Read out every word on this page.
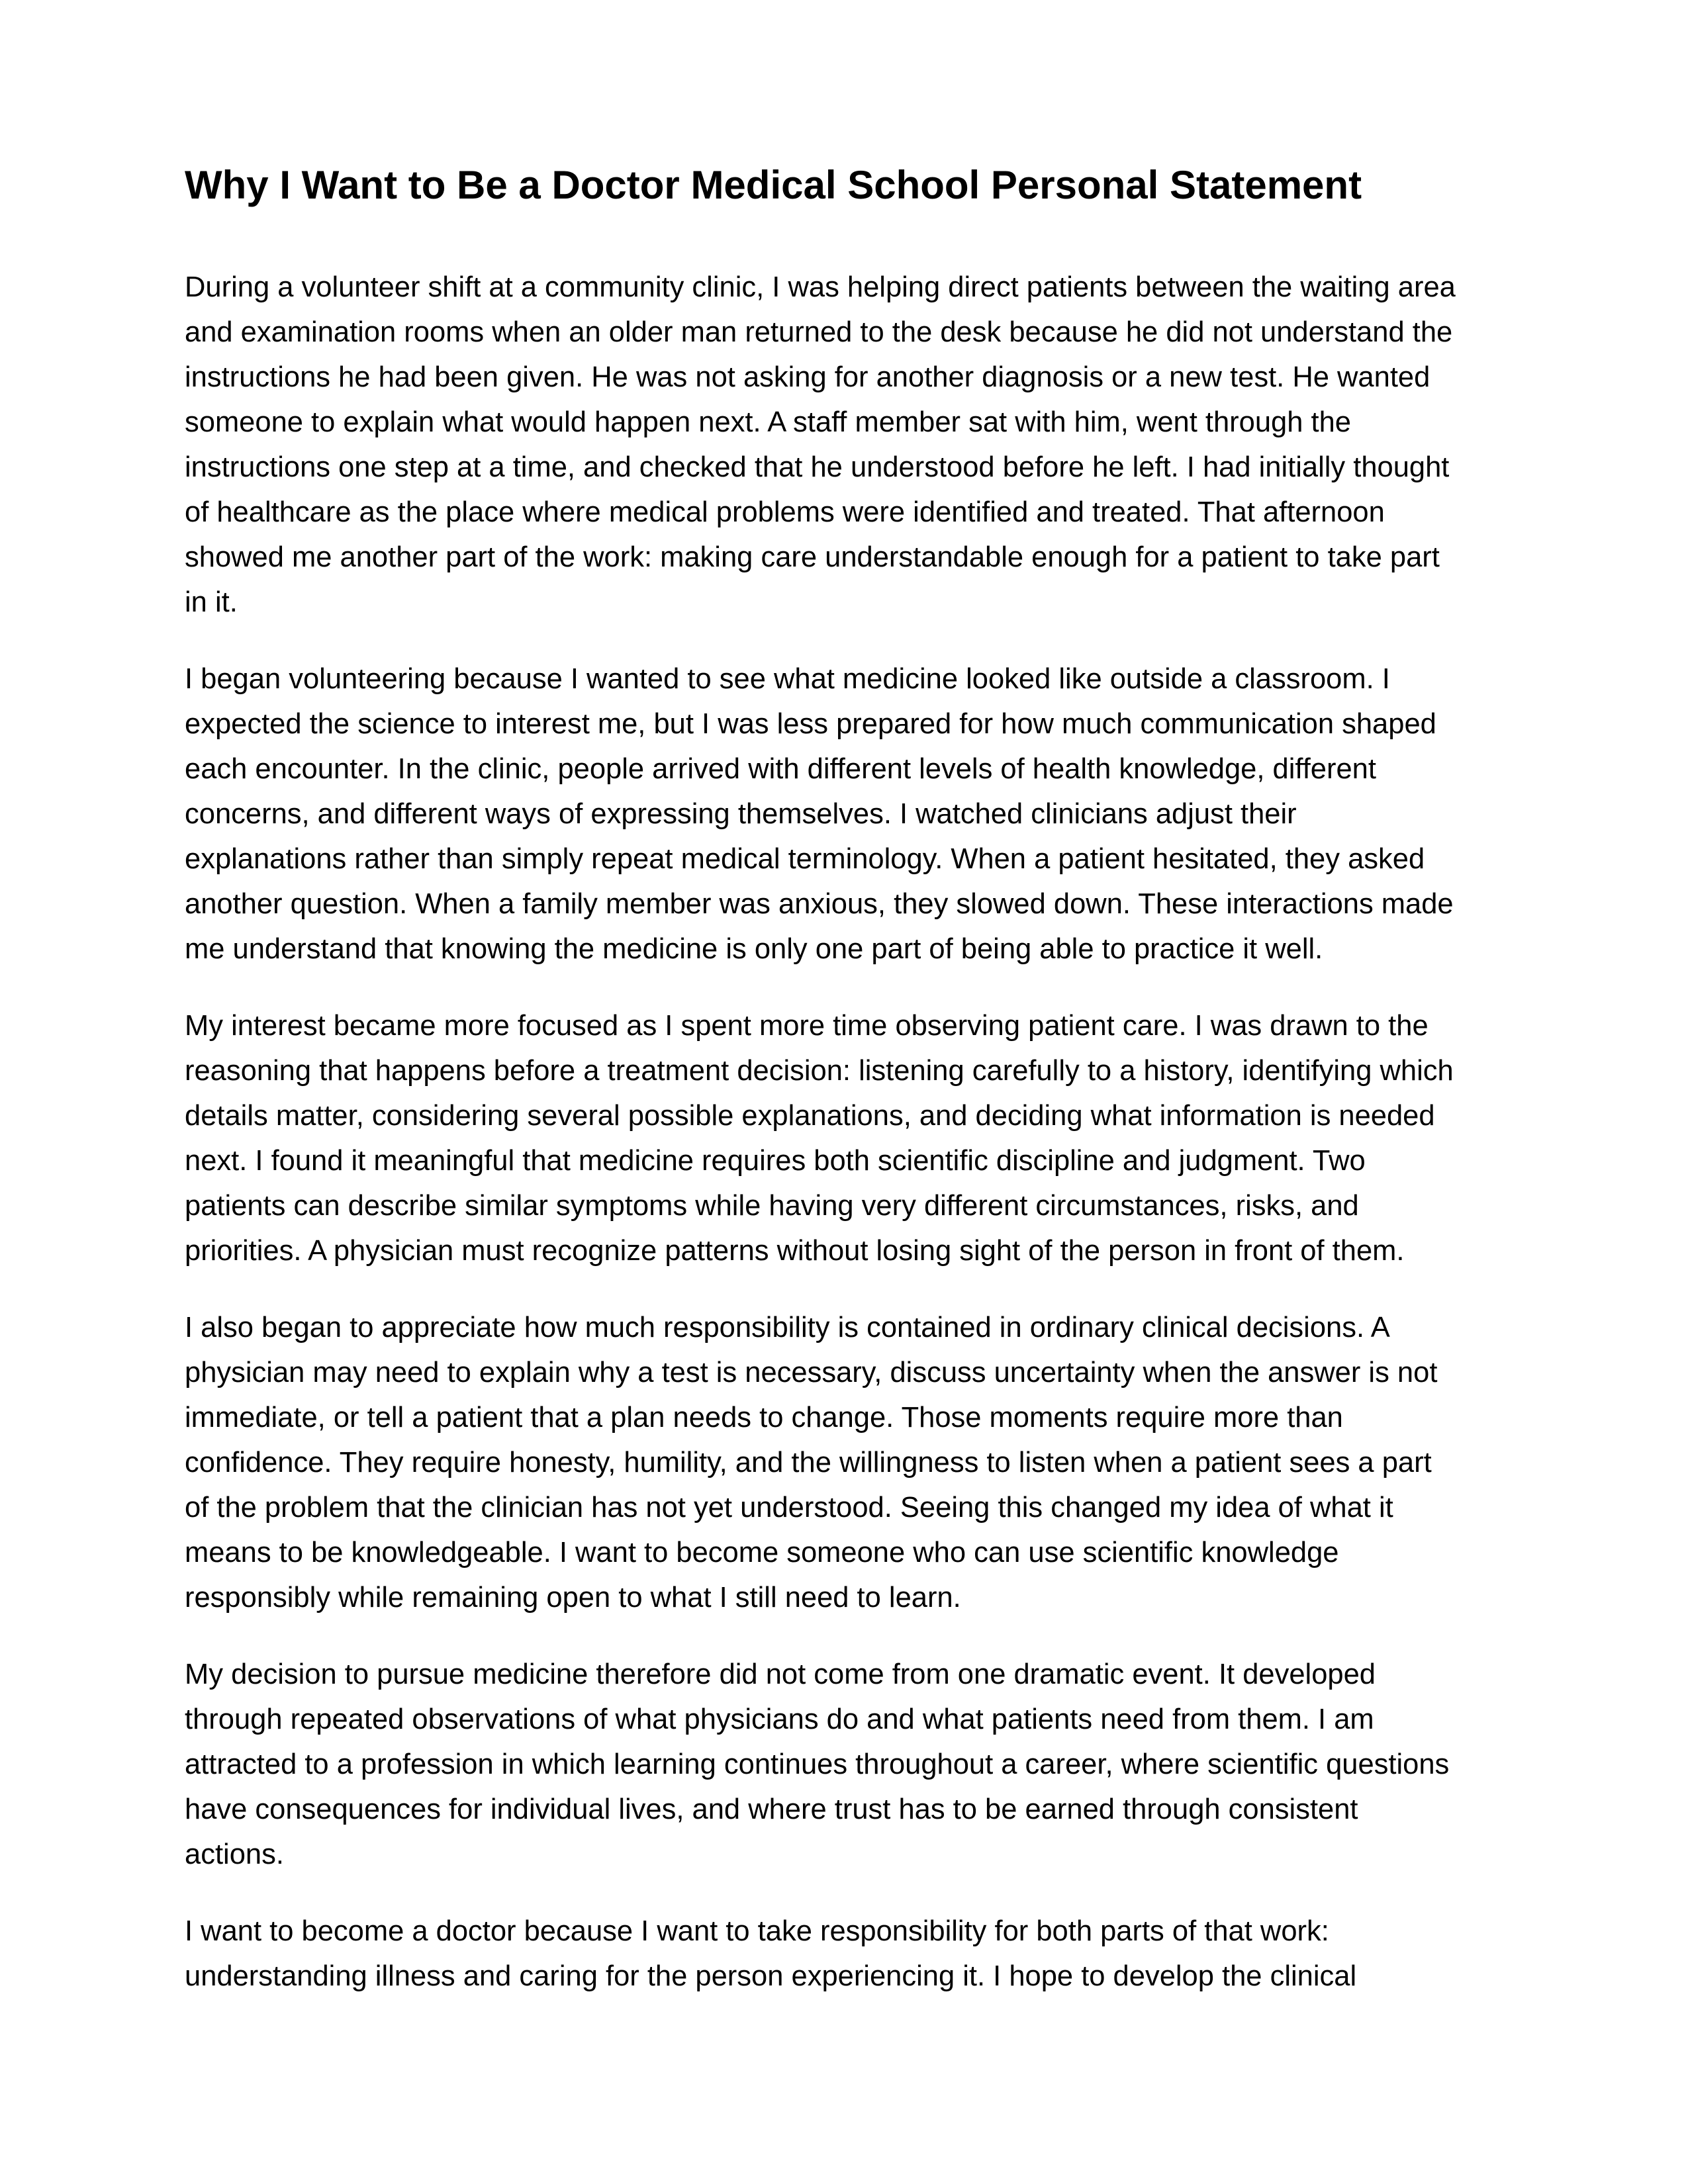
Why I Want to Be a Doctor Medical School Personal Statement

During a volunteer shift at a community clinic, I was helping direct patients between the waiting area
and examination rooms when an older man returned to the desk because he did not understand the
instructions he had been given. He was not asking for another diagnosis or a new test. He wanted
someone to explain what would happen next. A staff member sat with him, went through the
instructions one step at a time, and checked that he understood before he left. I had initially thought
of healthcare as the place where medical problems were identified and treated. That afternoon
showed me another part of the work: making care understandable enough for a patient to take part
in it.

I began volunteering because I wanted to see what medicine looked like outside a classroom. I
expected the science to interest me, but I was less prepared for how much communication shaped
each encounter. In the clinic, people arrived with different levels of health knowledge, different
concerns, and different ways of expressing themselves. I watched clinicians adjust their
explanations rather than simply repeat medical terminology. When a patient hesitated, they asked
another question. When a family member was anxious, they slowed down. These interactions made
me understand that knowing the medicine is only one part of being able to practice it well.

My interest became more focused as I spent more time observing patient care. I was drawn to the
reasoning that happens before a treatment decision: listening carefully to a history, identifying which
details matter, considering several possible explanations, and deciding what information is needed
next. I found it meaningful that medicine requires both scientific discipline and judgment. Two
patients can describe similar symptoms while having very different circumstances, risks, and
priorities. A physician must recognize patterns without losing sight of the person in front of them.

I also began to appreciate how much responsibility is contained in ordinary clinical decisions. A
physician may need to explain why a test is necessary, discuss uncertainty when the answer is not
immediate, or tell a patient that a plan needs to change. Those moments require more than
confidence. They require honesty, humility, and the willingness to listen when a patient sees a part
of the problem that the clinician has not yet understood. Seeing this changed my idea of what it
means to be knowledgeable. I want to become someone who can use scientific knowledge
responsibly while remaining open to what I still need to learn.

My decision to pursue medicine therefore did not come from one dramatic event. It developed
through repeated observations of what physicians do and what patients need from them. I am
attracted to a profession in which learning continues throughout a career, where scientific questions
have consequences for individual lives, and where trust has to be earned through consistent
actions.

I want to become a doctor because I want to take responsibility for both parts of that work:
understanding illness and caring for the person experiencing it. I hope to develop the clinical
